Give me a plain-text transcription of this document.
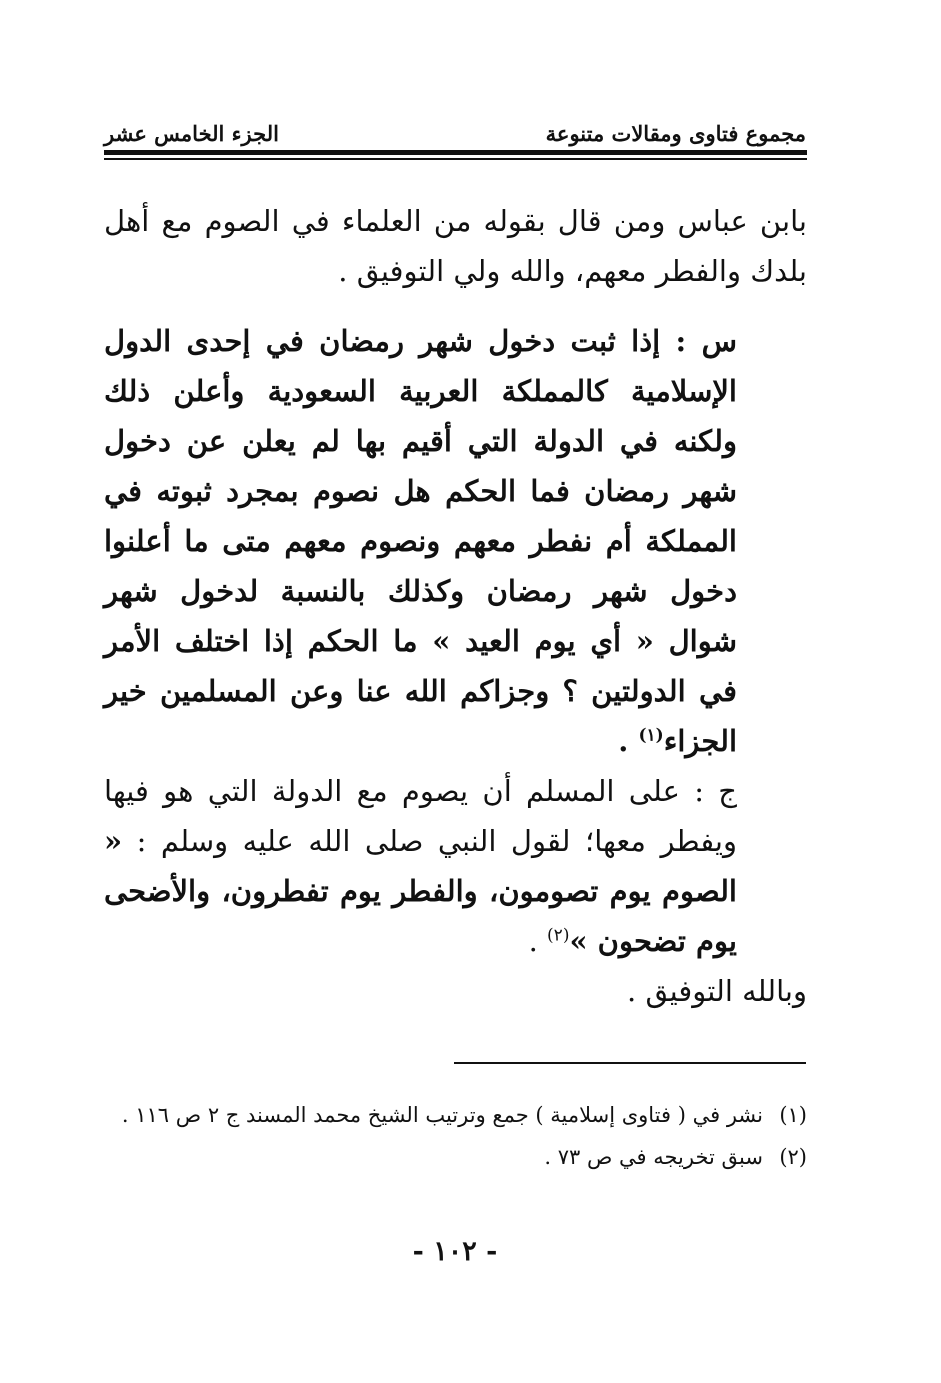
مجموع فتاوى ومقالات متنوعة
الجزء الخامس عشر

بابن عباس ومن قال بقوله من العلماء في الصوم مع أهل بلدك والفطر معهم، والله ولي التوفيق .

س : إذا ثبت دخول شهر رمضان في إحدى الدول الإسلامية كالمملكة العربية السعودية وأعلن ذلك ولكنه في الدولة التي أقيم بها لم يعلن عن دخول شهر رمضان فما الحكم هل نصوم بمجرد ثبوته في المملكة أم نفطر معهم ونصوم معهم متى ما أعلنوا دخول شهر رمضان وكذلك بالنسبة لدخول شهر شوال « أي يوم العيد » ما الحكم إذا اختلف الأمر في الدولتين ؟ وجزاكم الله عنا وعن المسلمين خير الجزاء$^{(١)}$ .

ج : على المسلم أن يصوم مع الدولة التي هو فيها ويفطر معها؛ لقول النبي صلى الله عليه وسلم : « الصوم يوم تصومون، والفطر يوم تفطرون، والأضحى يوم تضحون »$^{(٢)}$ .

وبالله التوفيق .

(١)
نشر في ( فتاوى إسلامية ) جمع وترتيب الشيخ محمد المسند ج ٢ ص ١١٦ .
(٢)
سبق تخريجه في ص ٧٣ .
- ١٠٢ -
